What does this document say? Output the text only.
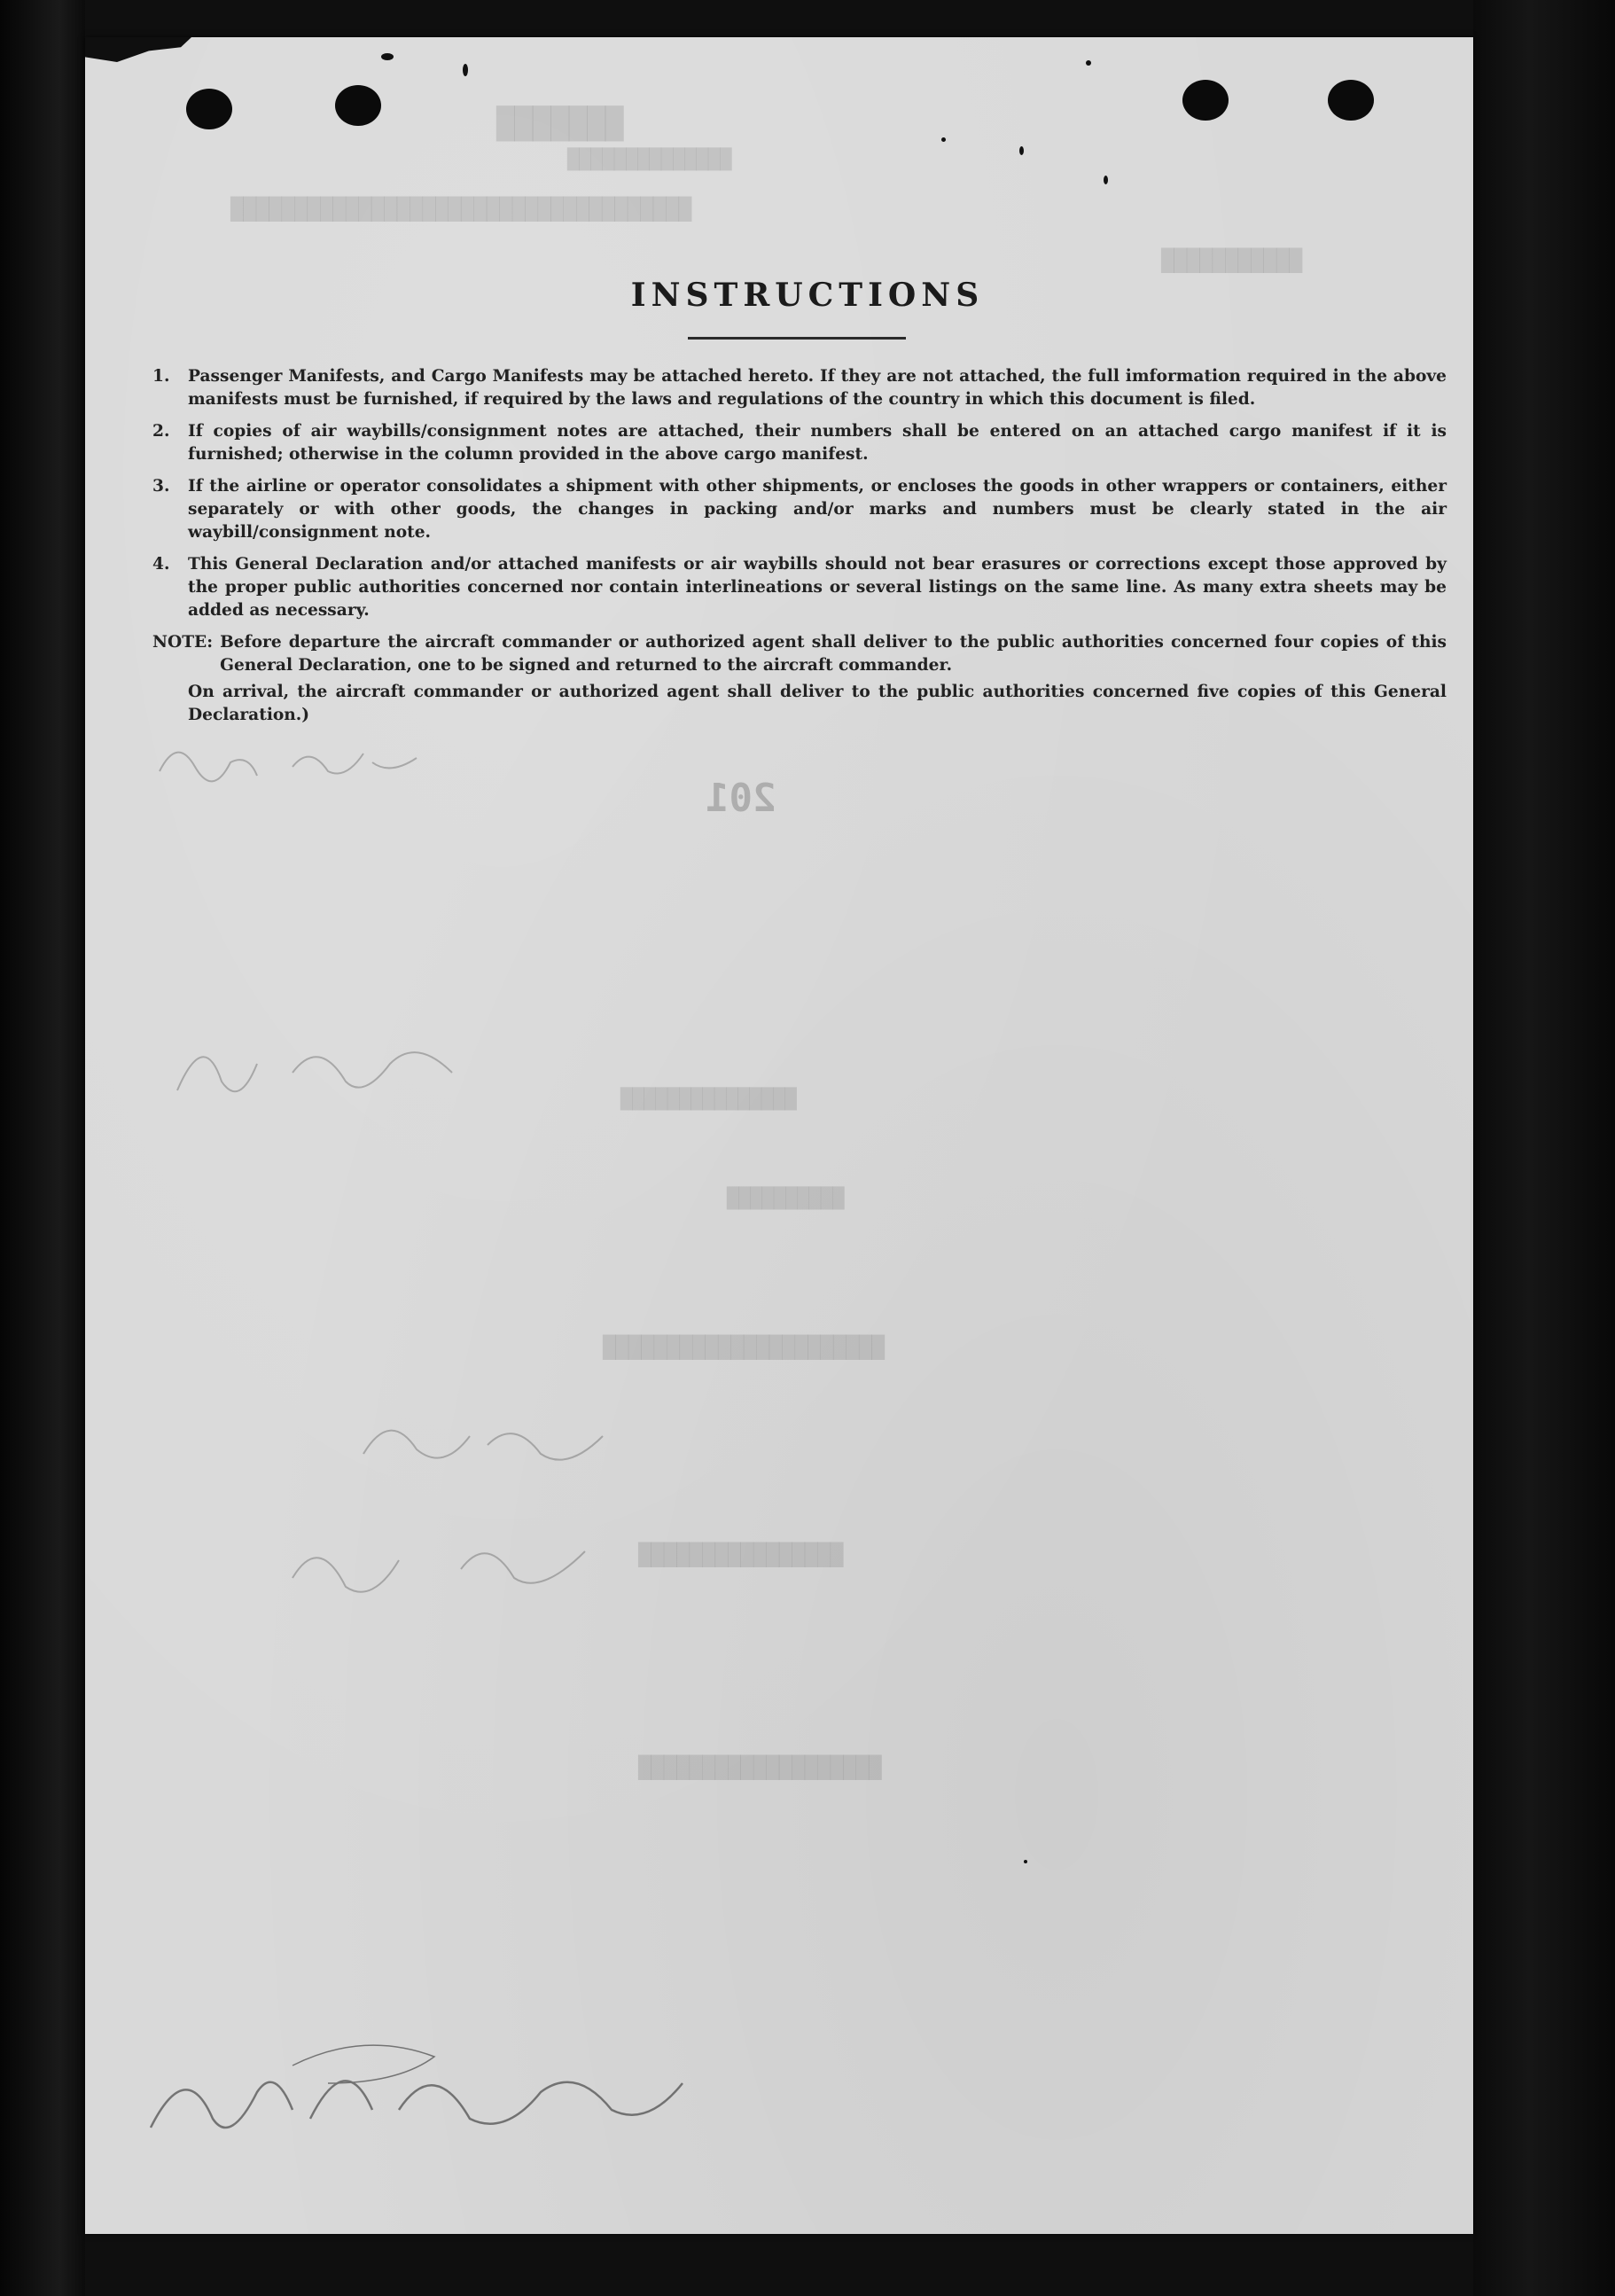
███████
██████████████
████████████████████████████████████
███████████
███████████████
██████████
██████████████████████
████████████████
███████████████████
INSTRUCTIONS
1.	Passenger Manifests, and Cargo Manifests may be attached hereto. If they are not attached, the full imformation required in the above manifests must be furnished, if required by the laws and regulations of the country in which this document is filed.
2.	If copies of air waybills/consignment notes are attached, their numbers shall be entered on an attached cargo manifest if it is furnished; otherwise in the column provided in the above cargo manifest.
3.	If the airline or operator consolidates a shipment with other shipments, or encloses the goods in other wrappers or containers, either separately or with other goods, the changes in packing and/or marks and numbers must be clearly stated in the air waybill/consignment note.
4.	This General Declaration and/or attached manifests or air waybills should not bear erasures or corrections except those approved by the proper public authorities concerned nor contain interlineations or several listings on the same line. As many extra sheets may be added as necessary.
NOTE: Before departure the aircraft commander or authorized agent shall deliver to the public authorities concerned four copies of this General Declaration, one to be signed and returned to the aircraft commander.
On arrival, the aircraft commander or authorized agent shall deliver to the public authorities concerned five copies of this General Declaration.)
201
